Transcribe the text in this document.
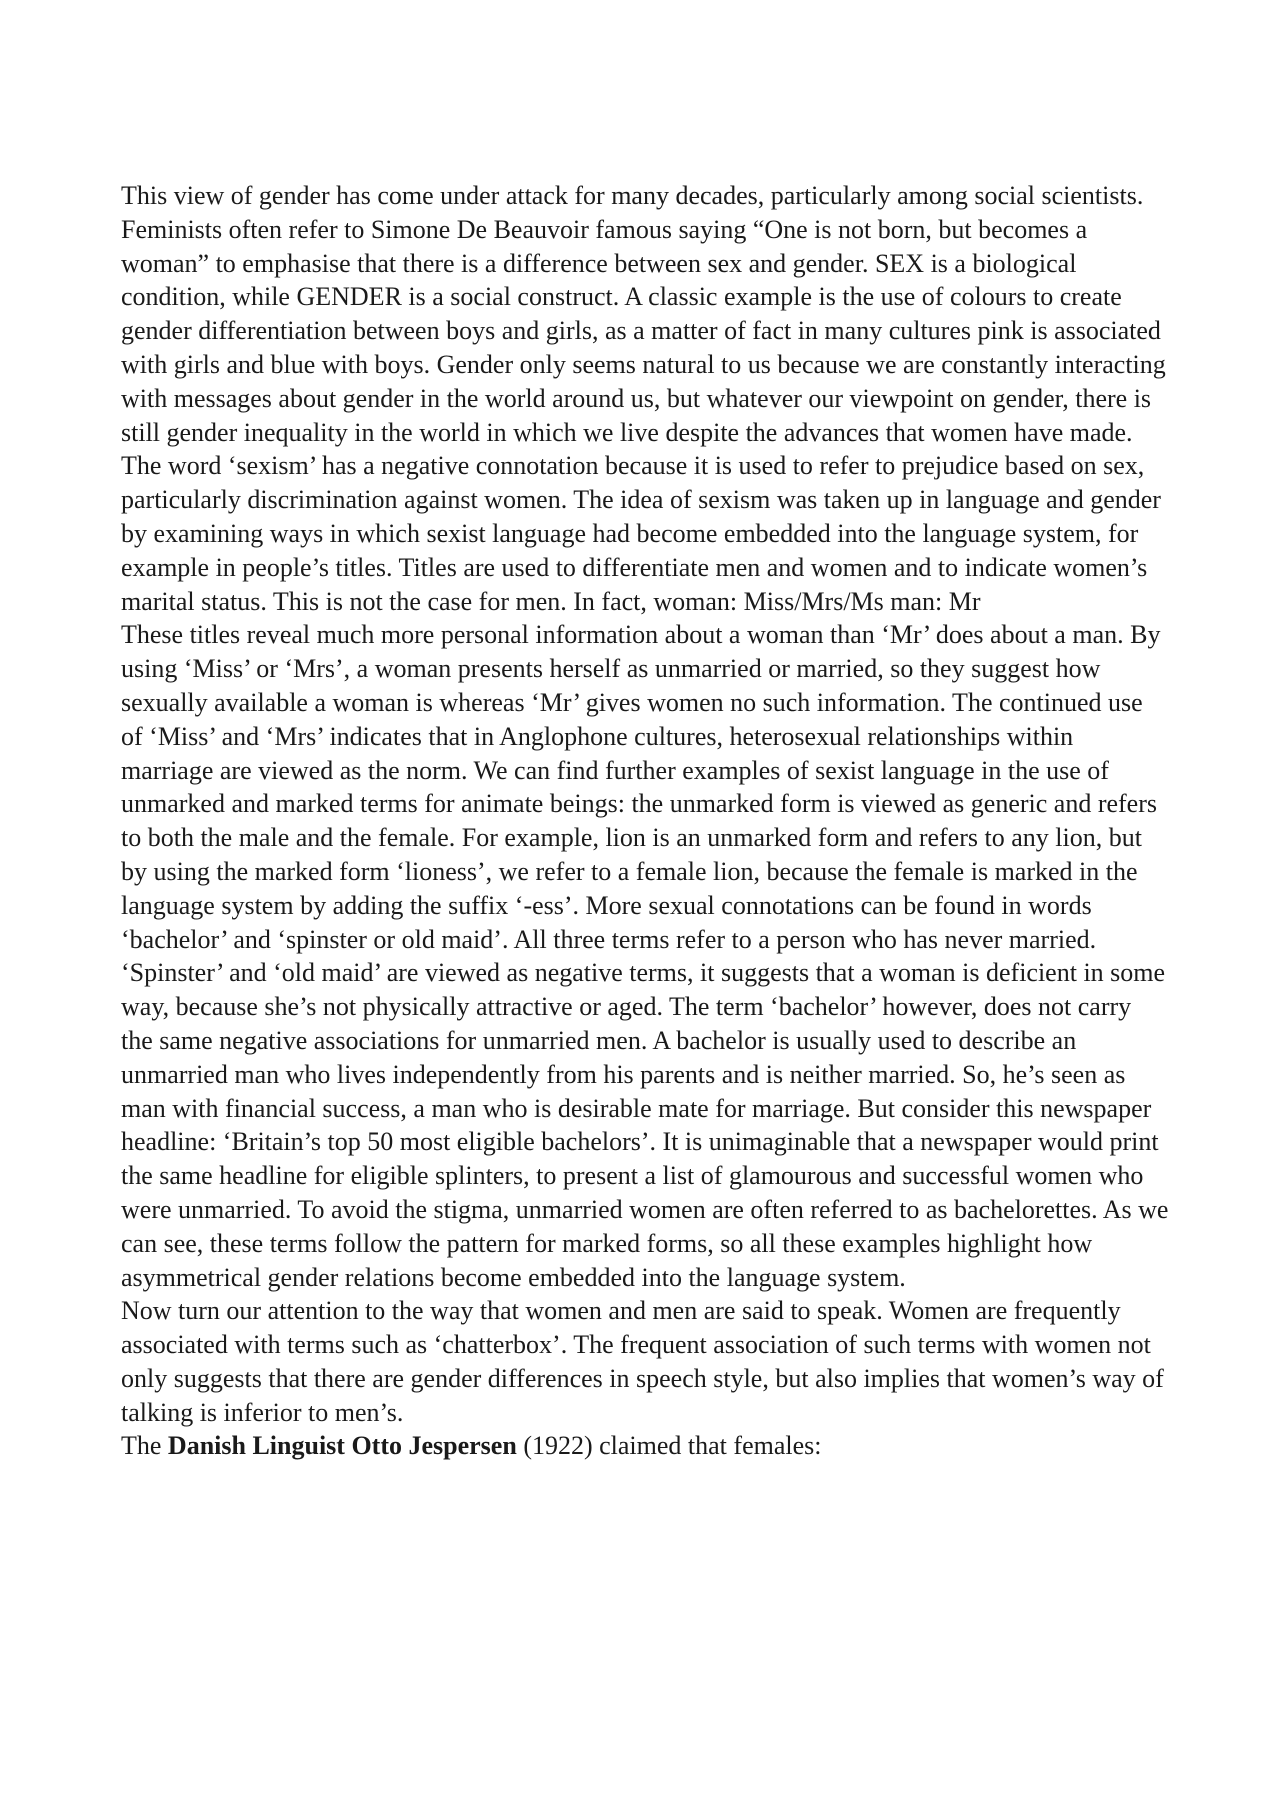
This view of gender has come under attack for many decades, particularly among social scientists. Feminists often refer to Simone De Beauvoir famous saying “One is not born, but becomes a woman” to emphasise that there is a difference between sex and gender. SEX is a biological condition, while GENDER is a social construct. A classic example is the use of colours to create gender differentiation between boys and girls, as a matter of fact in many cultures pink is associated with girls and blue with boys. Gender only seems natural to us because we are constantly interacting with messages about gender in the world around us, but whatever our viewpoint on gender, there is still gender inequality in the world in which we live despite the advances that women have made.

The word ‘sexism’ has a negative connotation because it is used to refer to prejudice based on sex, particularly discrimination against women. The idea of sexism was taken up in language and gender by examining ways in which sexist language had become embedded into the language system, for example in people’s titles. Titles are used to differentiate men and women and to indicate women’s marital status. This is not the case for men. In fact, woman: Miss/Mrs/Ms man: Mr

These titles reveal much more personal information about a woman than ‘Mr’ does about a man. By using ‘Miss’ or ‘Mrs’, a woman presents herself as unmarried or married, so they suggest how sexually available a woman is whereas ‘Mr’ gives women no such information. The continued use of ‘Miss’ and ‘Mrs’ indicates that in Anglophone cultures, heterosexual relationships within marriage are viewed as the norm. We can find further examples of sexist language in the use of unmarked and marked terms for animate beings: the unmarked form is viewed as generic and refers to both the male and the female. For example, lion is an unmarked form and refers to any lion, but by using the marked form ‘lioness’, we refer to a female lion, because the female is marked in the language system by adding the suffix ‘-ess’. More sexual connotations can be found in words ‘bachelor’ and ‘spinster or old maid’. All three terms refer to a person who has never married. ‘Spinster’ and ‘old maid’ are viewed as negative terms, it suggests that a woman is deficient in some way, because she’s not physically attractive or aged. The term ‘bachelor’ however, does not carry the same negative associations for unmarried men. A bachelor is usually used to describe an unmarried man who lives independently from his parents and is neither married. So, he’s seen as man with financial success, a man who is desirable mate for marriage. But consider this newspaper headline: ‘Britain’s top 50 most eligible bachelors’. It is unimaginable that a newspaper would print the same headline for eligible splinters, to present a list of glamourous and successful women who were unmarried. To avoid the stigma, unmarried women are often referred to as bachelorettes. As we can see, these terms follow the pattern for marked forms, so all these examples highlight how asymmetrical gender relations become embedded into the language system.

Now turn our attention to the way that women and men are said to speak. Women are frequently associated with terms such as ‘chatterbox’. The frequent association of such terms with women not only suggests that there are gender differences in speech style, but also implies that women’s way of talking is inferior to men’s.

The Danish Linguist Otto Jespersen (1922) claimed that females:
